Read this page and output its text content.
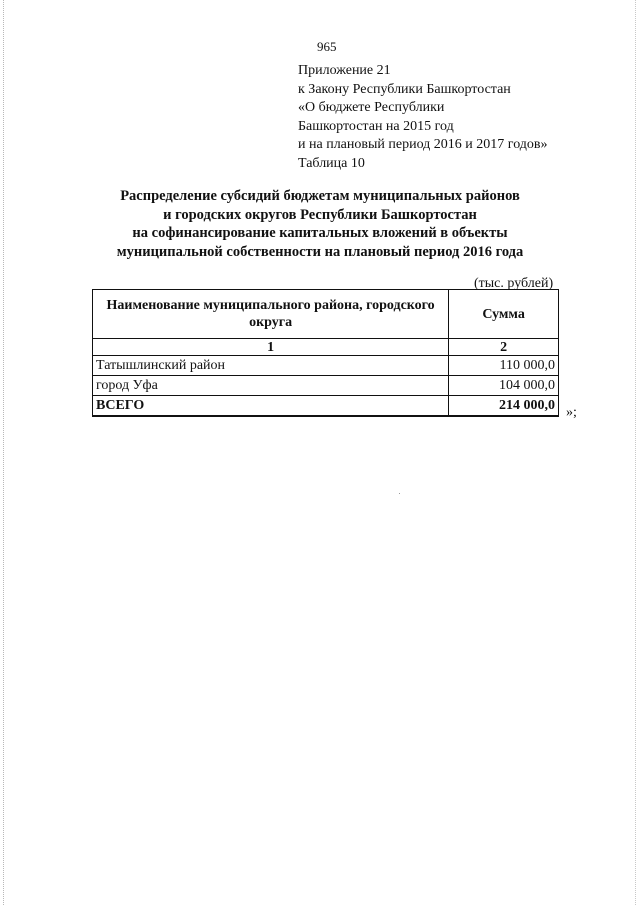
965
Приложение 21
к Закону Республики Башкортостан
«О бюджете Республики
Башкортостан на 2015 год
и на плановый период 2016 и 2017 годов»
Таблица 10
Распределение субсидий бюджетам муниципальных районов
и городских округов Республики Башкортостан
на софинансирование капитальных вложений в объекты
муниципальной собственности на плановый период 2016 года
(тыс. рублей)
Наименование муниципального района, городского округа	Сумма
1	2
Татышлинский район	110 000,0
город Уфа	104 000,0
ВСЕГО	214 000,0 »;
